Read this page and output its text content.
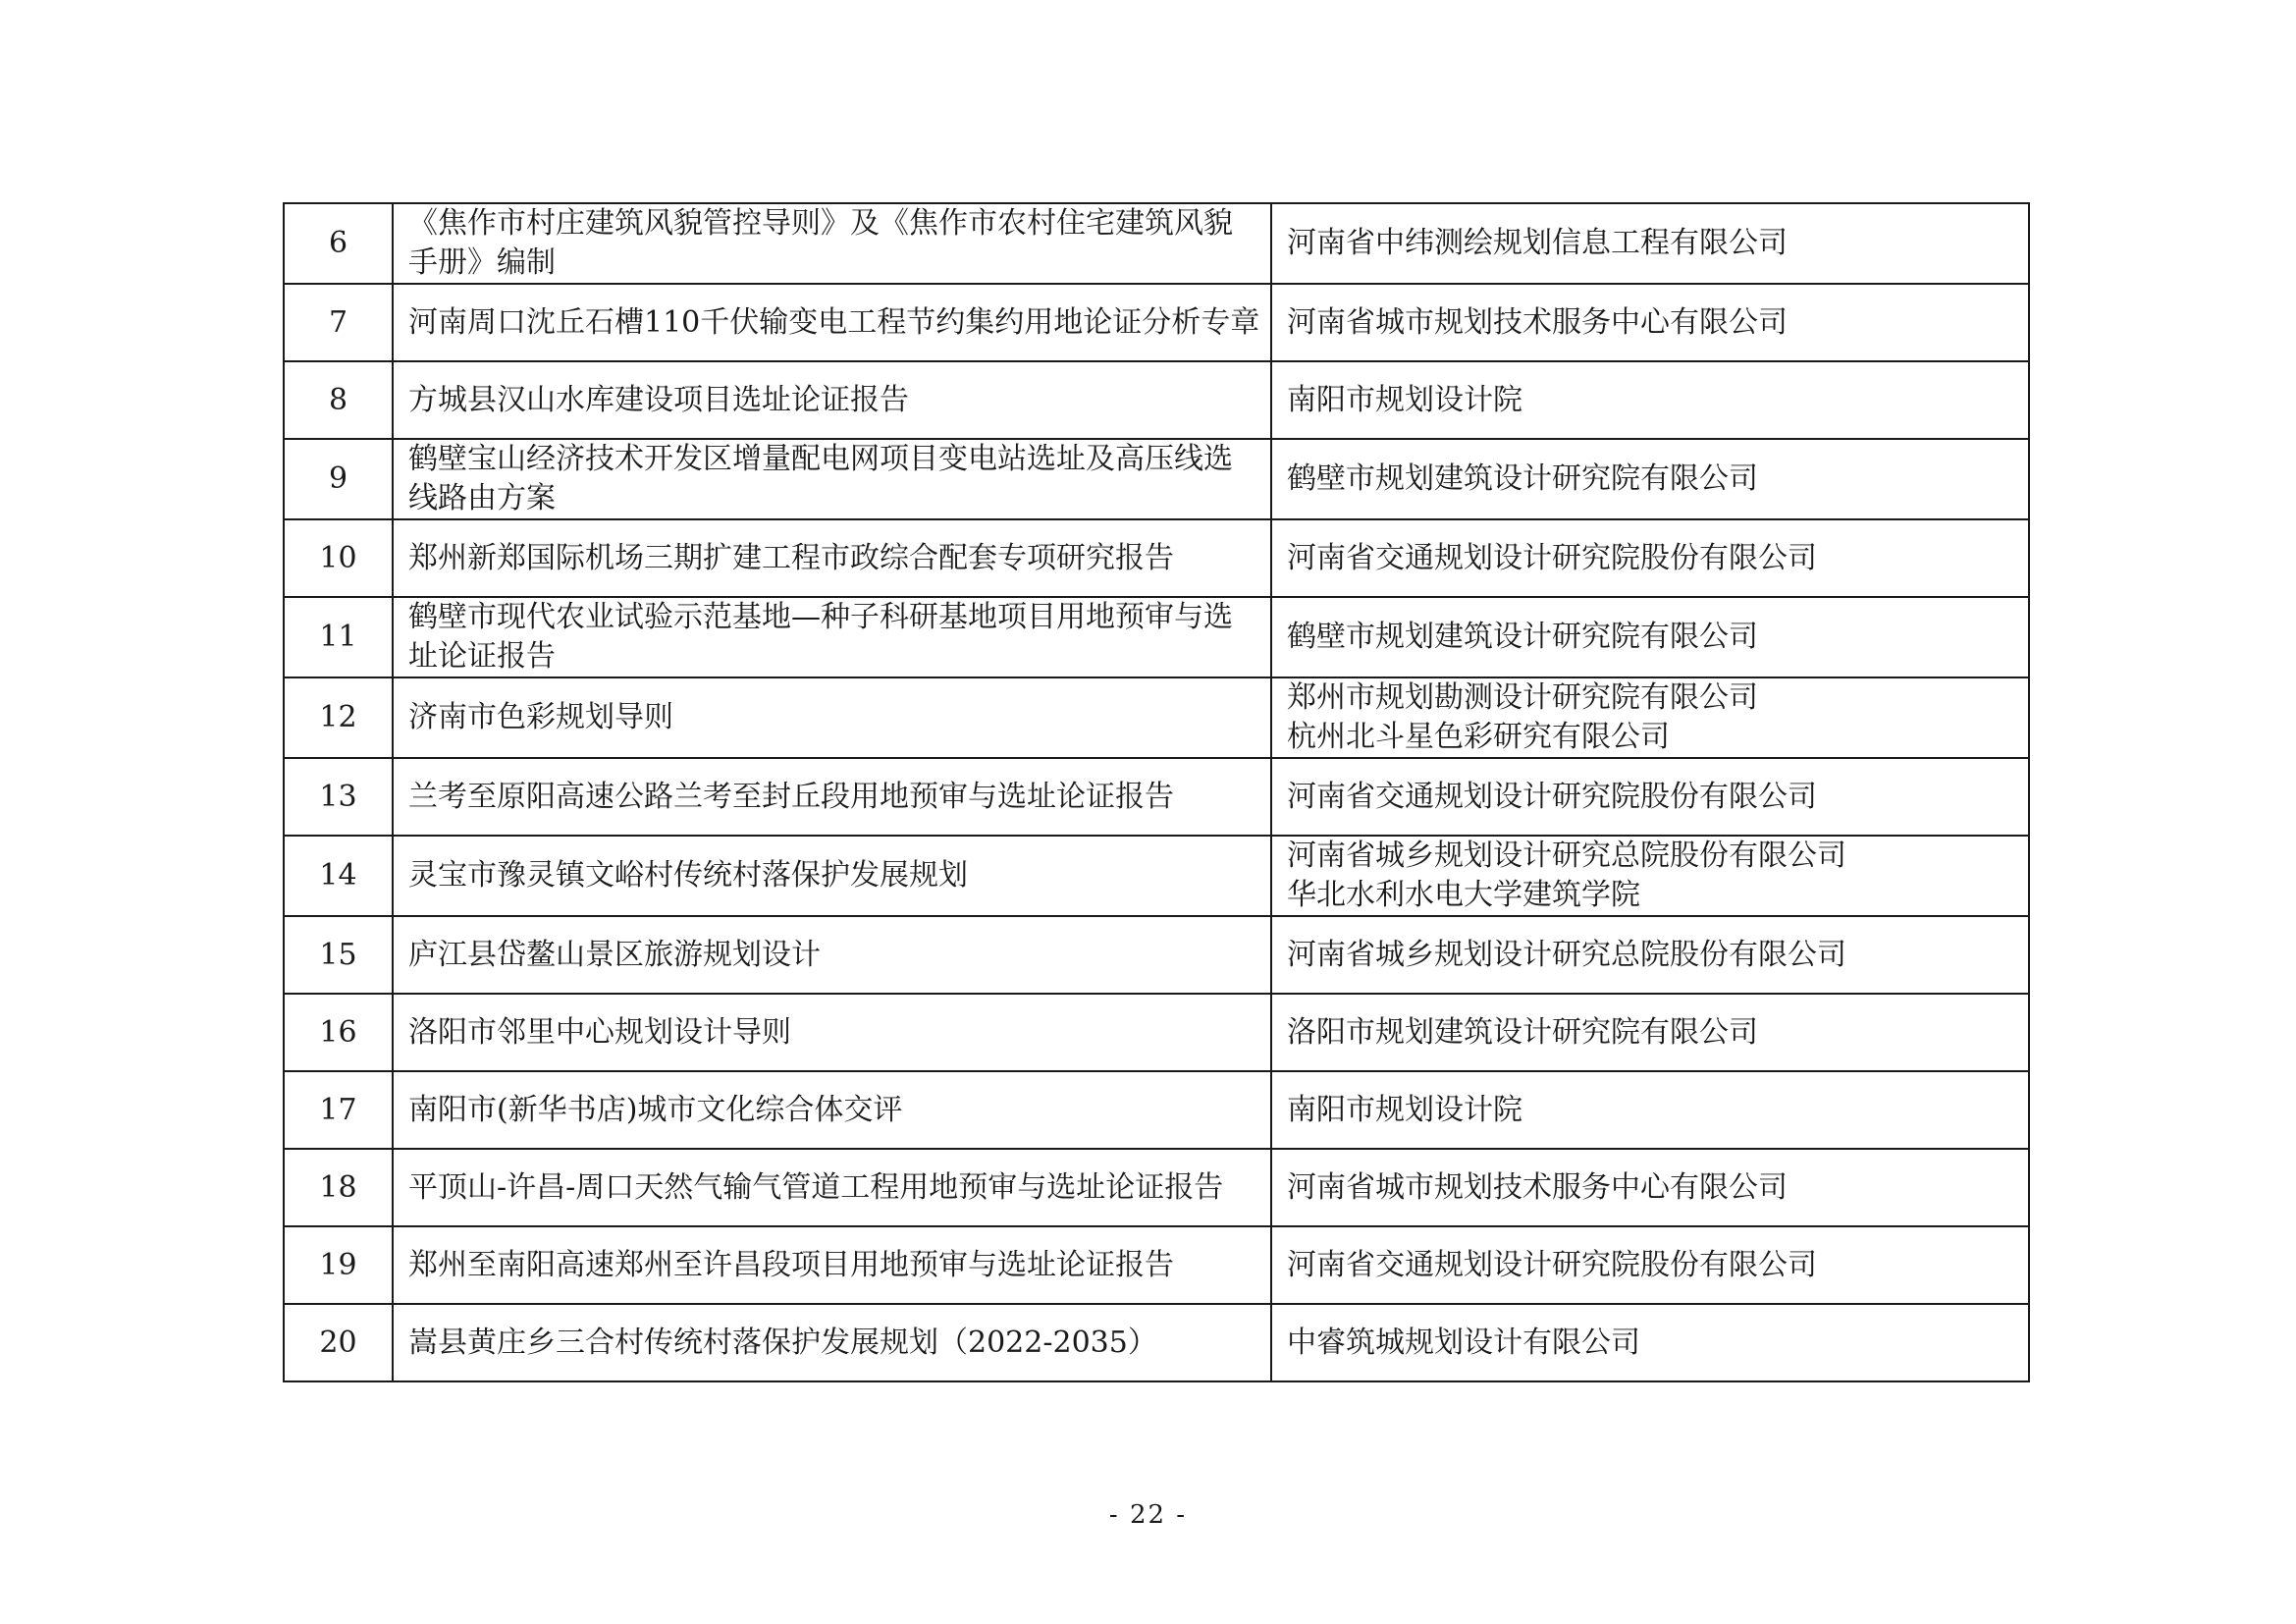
6	《焦作市村庄建筑风貌管控导则》及《焦作市农村住宅建筑风貌手册》编制	河南省中纬测绘规划信息工程有限公司

7	河南周口沈丘石槽110千伏输变电工程节约集约用地论证分析专章	河南省城市规划技术服务中心有限公司

8	方城县汉山水库建设项目选址论证报告	南阳市规划设计院

9	鹤壁宝山经济技术开发区增量配电网项目变电站选址及高压线选线路由方案	鹤壁市规划建筑设计研究院有限公司

10	郑州新郑国际机场三期扩建工程市政综合配套专项研究报告	河南省交通规划设计研究院股份有限公司

11	鹤壁市现代农业试验示范基地—种子科研基地项目用地预审与选址论证报告	鹤壁市规划建筑设计研究院有限公司

12	济南市色彩规划导则	郑州市规划勘测设计研究院有限公司
杭州北斗星色彩研究有限公司

13	兰考至原阳高速公路兰考至封丘段用地预审与选址论证报告	河南省交通规划设计研究院股份有限公司

14	灵宝市豫灵镇文峪村传统村落保护发展规划	河南省城乡规划设计研究总院股份有限公司
华北水利水电大学建筑学院

15	庐江县岱鳌山景区旅游规划设计	河南省城乡规划设计研究总院股份有限公司

16	洛阳市邻里中心规划设计导则	洛阳市规划建筑设计研究院有限公司

17	南阳市(新华书店)城市文化综合体交评	南阳市规划设计院

18	平顶山-许昌-周口天然气输气管道工程用地预审与选址论证报告	河南省城市规划技术服务中心有限公司

19	郑州至南阳高速郑州至许昌段项目用地预审与选址论证报告	河南省交通规划设计研究院股份有限公司

20	嵩县黄庄乡三合村传统村落保护发展规划（2022-2035）	中睿筑城规划设计有限公司
- 22 -
